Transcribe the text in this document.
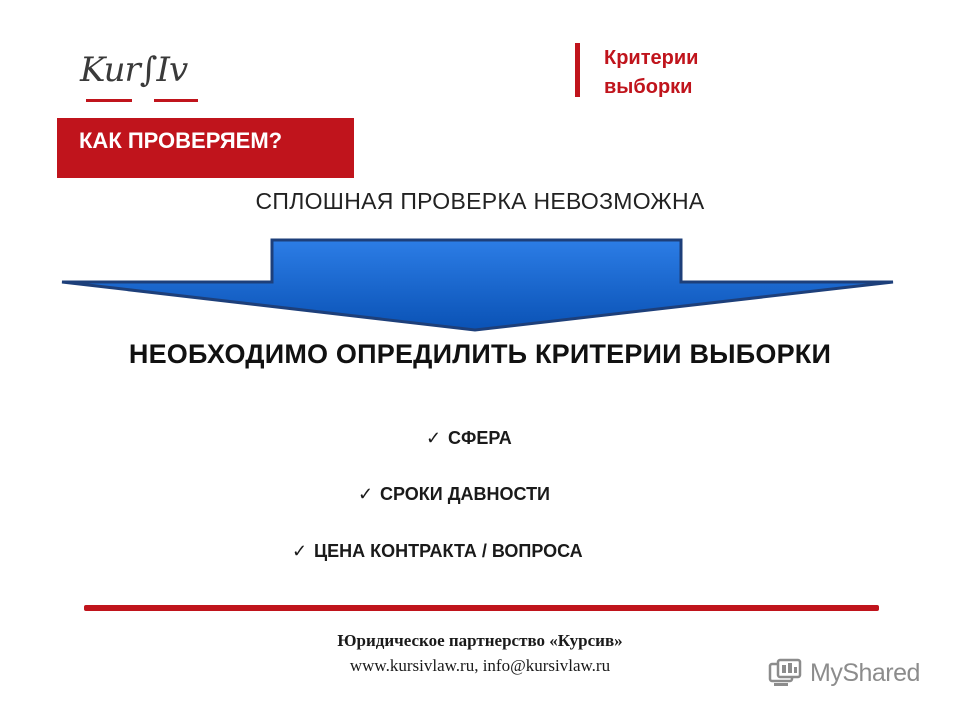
Kur∫Iv	Критерии
выборки
КАК ПРОВЕРЯЕМ?
СПЛОШНАЯ ПРОВЕРКА НЕВОЗМОЖНА
НЕОБХОДИМО ОПРЕДИЛИТЬ КРИТЕРИИ ВЫБОРКИ
✓ СФЕРА
✓ СРОКИ ДАВНОСТИ
✓ ЦЕНА КОНТРАКТА / ВОПРОСА
Юридическое партнерство «Курсив»
www.kursivlaw.ru, info@kursivlaw.ru	MyShared
